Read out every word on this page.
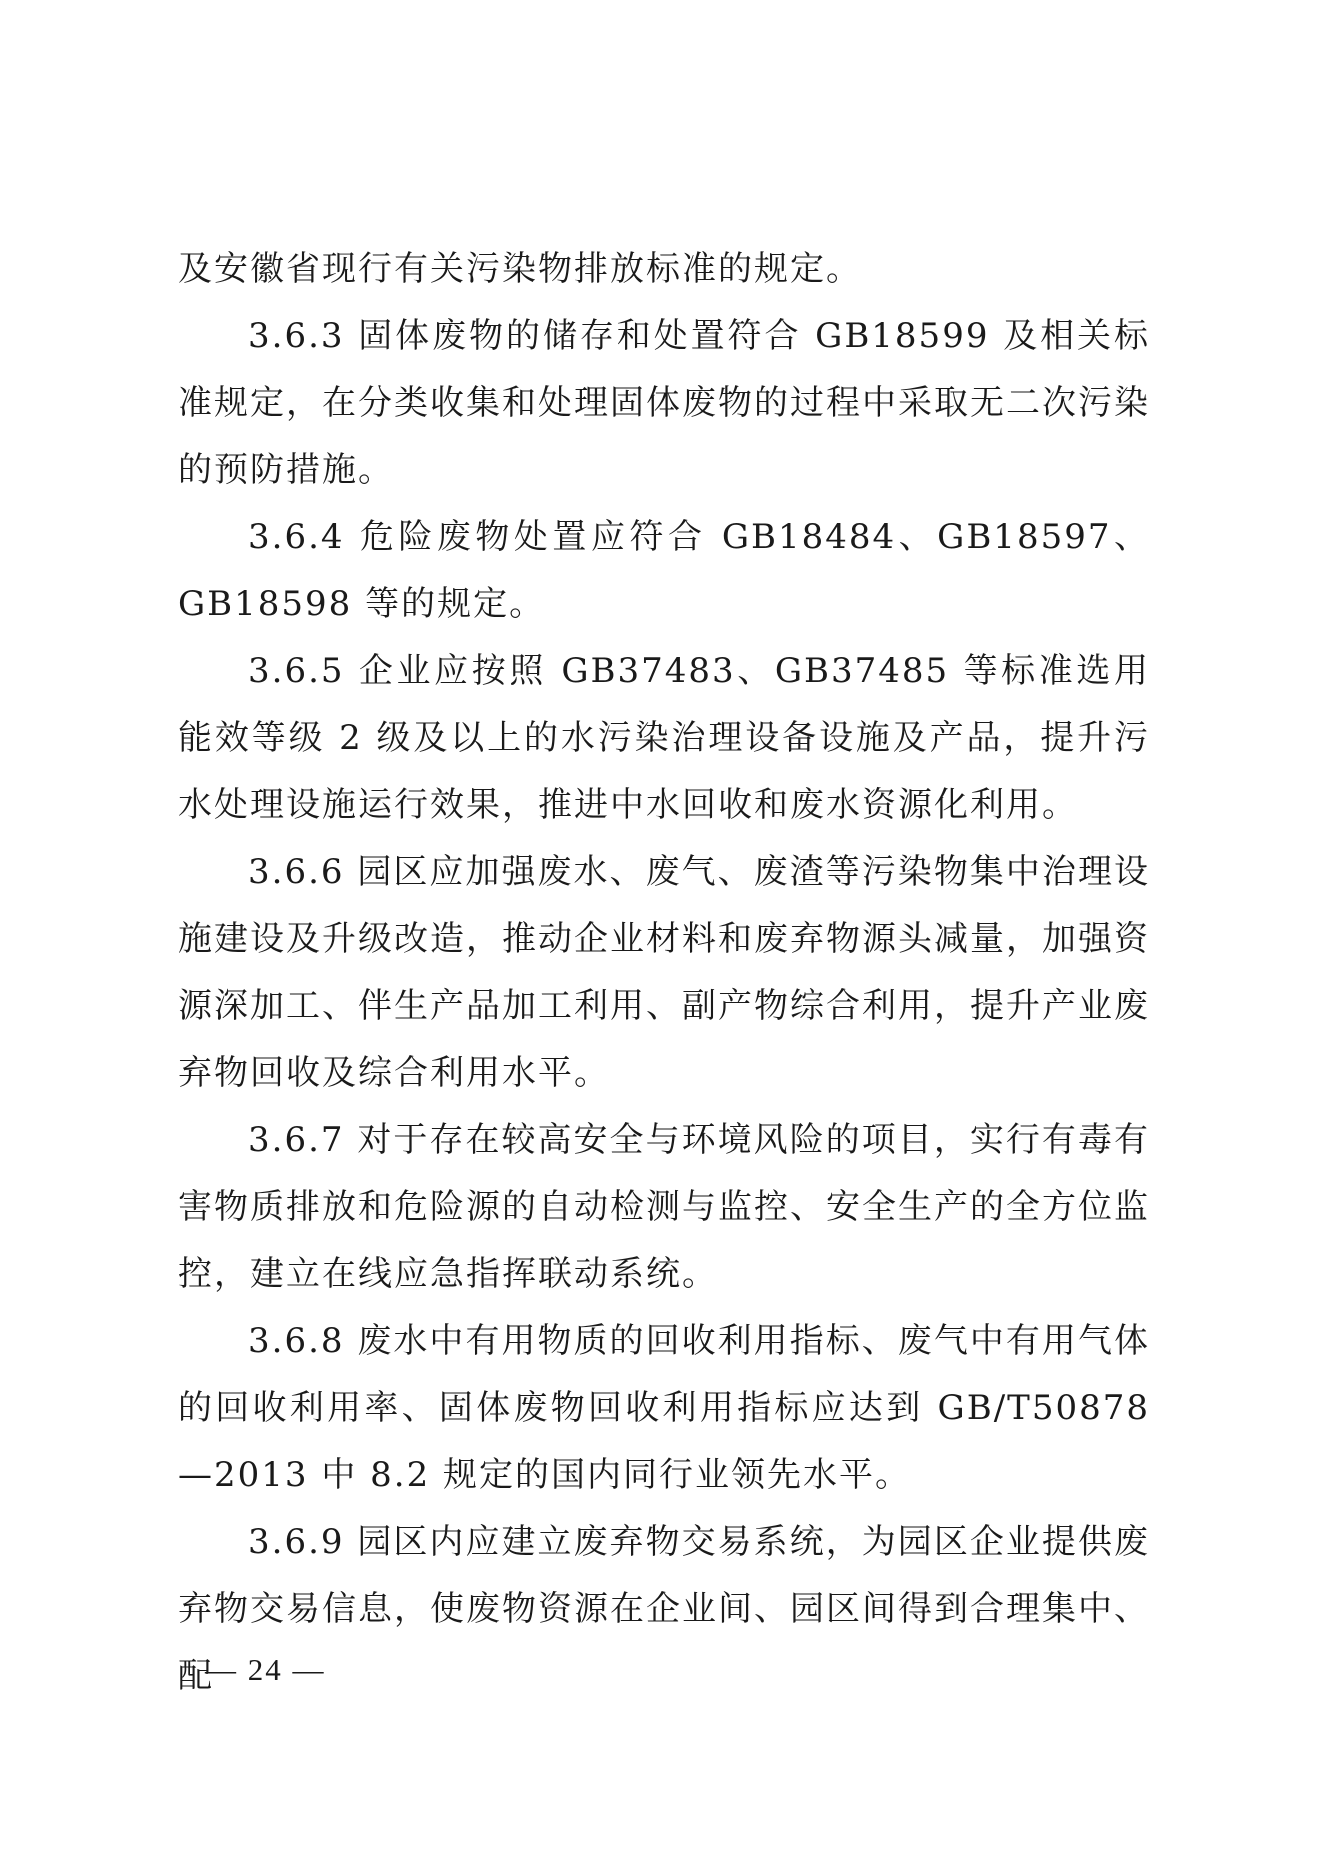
及安徽省现行有关污染物排放标准的规定。

3.6.3 固体废物的储存和处置符合 GB18599 及相关标准规定，在分类收集和处理固体废物的过程中采取无二次污染的预防措施。

3.6.4 危险废物处置应符合 GB18484、GB18597、GB18598 等的规定。

3.6.5 企业应按照 GB37483、GB37485 等标准选用能效等级 2 级及以上的水污染治理设备设施及产品，提升污水处理设施运行效果，推进中水回收和废水资源化利用。

3.6.6 园区应加强废水、废气、废渣等污染物集中治理设施建设及升级改造，推动企业材料和废弃物源头减量，加强资源深加工、伴生产品加工利用、副产物综合利用，提升产业废弃物回收及综合利用水平。

3.6.7 对于存在较高安全与环境风险的项目，实行有毒有害物质排放和危险源的自动检测与监控、安全生产的全方位监控，建立在线应急指挥联动系统。

3.6.8 废水中有用物质的回收利用指标、废气中有用气体的回收利用率、固体废物回收利用指标应达到 GB/T50878—2013 中 8.2 规定的国内同行业领先水平。

3.6.9 园区内应建立废弃物交易系统，为园区企业提供废弃物交易信息，使废物资源在企业间、园区间得到合理集中、配

— 24 —
